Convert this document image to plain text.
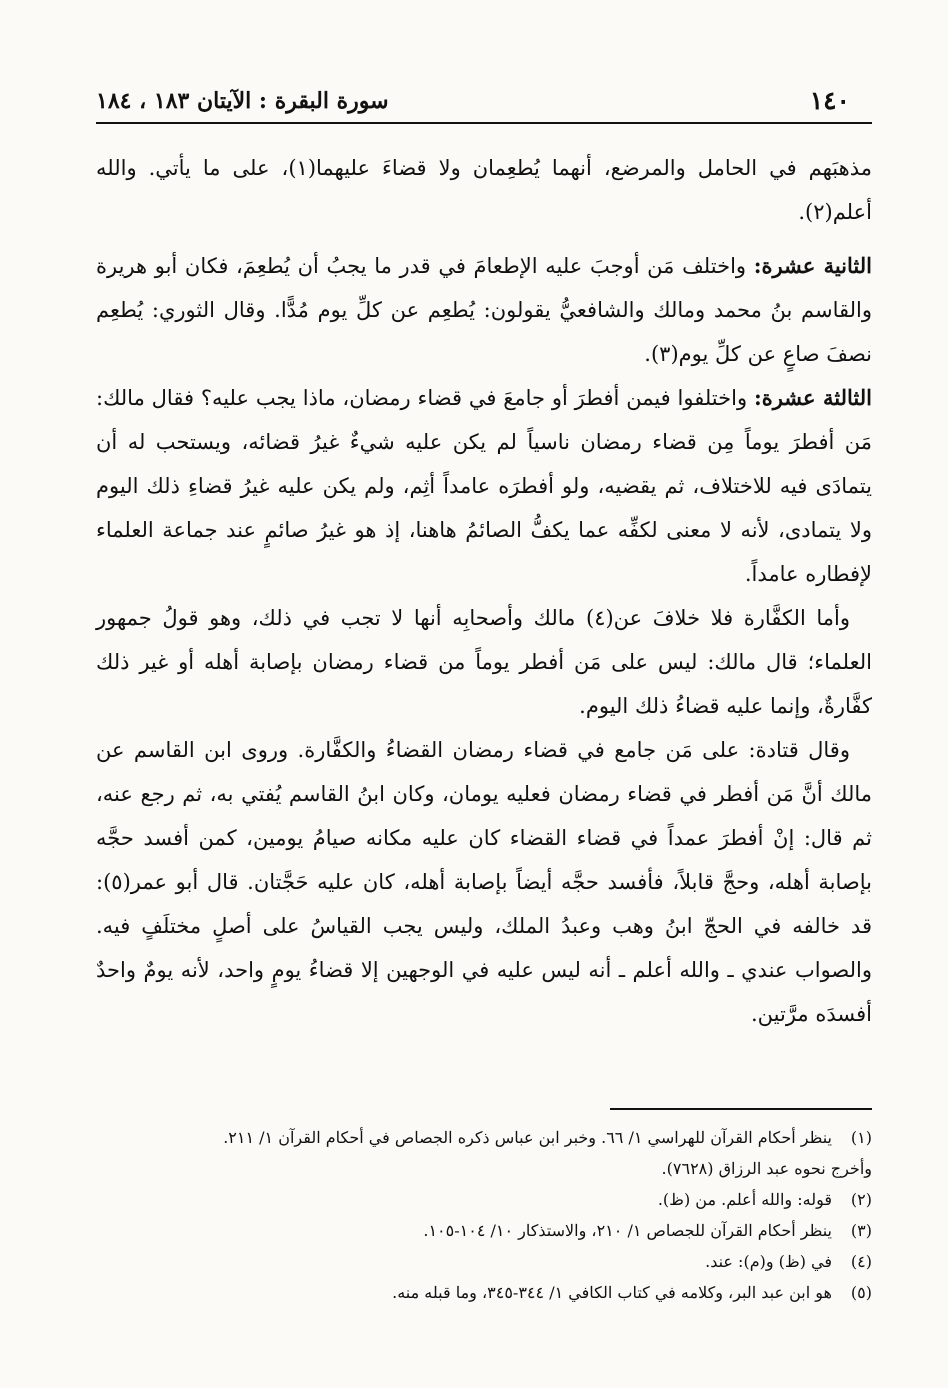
١٤٠
سورة البقرة : الآيتان ١٨٣ ، ١٨٤

مذهبَهم في الحامل والمرضع، أنهما يُطعِمان ولا قضاءَ عليهما(١)، على ما يأتي. والله أعلم(٢).

الثانية عشرة: واختلف مَن أوجبَ عليه الإطعامَ في قدر ما يجبُ أن يُطعِمَ، فكان أبو هريرة والقاسم بنُ محمد ومالك والشافعيُّ يقولون: يُطعِم عن كلِّ يوم مُدًّا. وقال الثوري: يُطعِم نصفَ صاعٍ عن كلِّ يوم(٣).

الثالثة عشرة: واختلفوا فيمن أفطرَ أو جامعَ في قضاء رمضان، ماذا يجب عليه؟ فقال مالك: مَن أفطرَ يوماً مِن قضاء رمضان ناسياً لم يكن عليه شيءٌ غيرُ قضائه، ويستحب له أن يتمادَى فيه للاختلاف، ثم يقضيه، ولو أفطرَه عامداً أثِم، ولم يكن عليه غيرُ قضاءِ ذلك اليوم ولا يتمادى، لأنه لا معنى لكفِّه عما يكفُّ الصائمُ هاهنا، إذ هو غيرُ صائمٍ عند جماعة العلماء لإفطاره عامداً.

وأما الكفَّارة فلا خلافَ عن(٤) مالك وأصحابِه أنها لا تجب في ذلك، وهو قولُ جمهور العلماء؛ قال مالك: ليس على مَن أفطر يوماً من قضاء رمضان بإصابة أهله أو غير ذلك كفَّارةٌ، وإنما عليه قضاءُ ذلك اليوم.

وقال قتادة: على مَن جامع في قضاء رمضان القضاءُ والكفَّارة. وروى ابن القاسم عن مالك أنَّ مَن أفطر في قضاء رمضان فعليه يومان، وكان ابنُ القاسم يُفتي به، ثم رجع عنه، ثم قال: إنْ أفطرَ عمداً في قضاء القضاء كان عليه مكانه صيامُ يومين، كمن أفسد حجَّه بإصابة أهله، وحجَّ قابلاً، فأفسد حجَّه أيضاً بإصابة أهله، كان عليه حَجَّتان. قال أبو عمر(٥): قد خالفه في الحجّ ابنُ وهب وعبدُ الملك، وليس يجب القياسُ على أصلٍ مختلَفٍ فيه. والصواب عندي ـ والله أعلم ـ أنه ليس عليه في الوجهين إلا قضاءُ يومٍ واحد، لأنه يومٌ واحدٌ أفسدَه مرَّتين.

(١)ينظر أحكام القرآن للهراسي ١/ ٦٦. وخبر ابن عباس ذكره الجصاص في أحكام القرآن ١/ ٢١١.

وأخرج نحوه عبد الرزاق (٧٦٢٨).

(٢)قوله: والله أعلم. من (ظ).

(٣)ينظر أحكام القرآن للجصاص ١/ ٢١٠، والاستذكار ١٠/ ١٠٤-١٠٥.

(٤)في (ظ) و(م): عند.

(٥)هو ابن عبد البر، وكلامه في كتاب الكافي ١/ ٣٤٤-٣٤٥، وما قبله منه.
